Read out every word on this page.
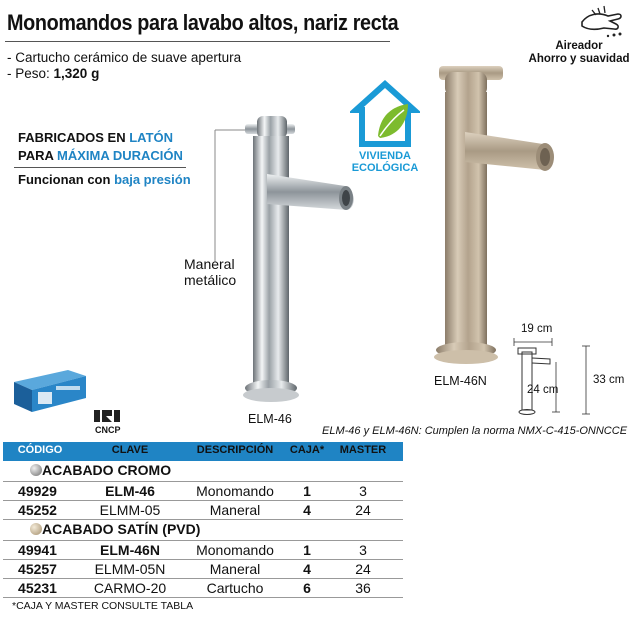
Monomandos para lavabo altos, nariz recta
- Cartucho cerámico de suave apertura
- Peso: 1,320 g
FABRICADOS EN LATÓN
PARA MÁXIMA DURACIÓN
Funcionan con baja presión
VIVIENDA
ECOLÓGICA
Aireador
Ahorro y suavidad
Maneral
metálico
ELM-46
ELM-46N
19 cm
24 cm
33 cm
ELM-46 y ELM-46N: Cumplen la norma NMX-C-415-ONNCCE
CNCP
CÓDIGO	CLAVE	DESCRIPCIÓN	CAJA*	MASTER
ACABADO CROMO
49929	ELM-46	Monomando	1	3
45252	ELMM-05	Maneral	4	24
ACABADO SATÍN (PVD)
49941	ELM-46N	Monomando	1	3
45257	ELMM-05N	Maneral	4	24
45231	CARMO-20	Cartucho	6	36
*CAJA Y MASTER CONSULTE TABLA
